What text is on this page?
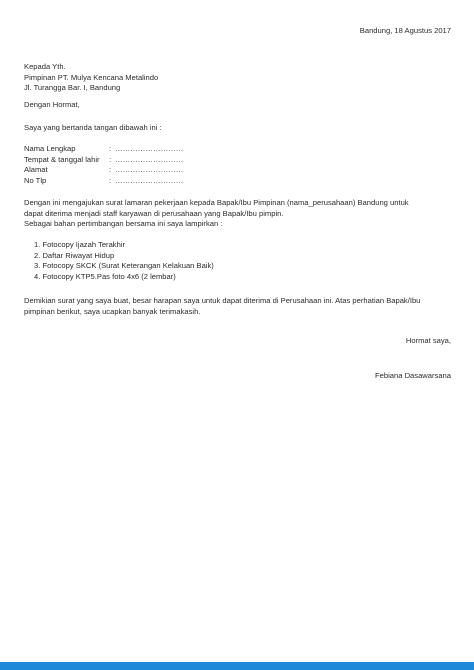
Bandung, 18 Agustus 2017
Kepada Yth.
Pimpinan PT. Mulya Kencana Metalindo
Jl. Turangga Bar. I, Bandung
Dengan Hormat,
Saya yang bertanda tangan dibawah ini :
Nama Lengkap	: ………………………
Tempat & tanggal lahir	: ………………………
Alamat	: ………………………
No Tlp	: ………………………
Dengan ini mengajukan surat lamaran pekerjaan kepada Bapak/Ibu Pimpinan (nama_perusahaan) Bandung untuk
dapat diterima menjadi staff karyawan di perusahaan yang Bapak/Ibu pimpin.
Sebagai bahan pertimbangan bersama ini saya lampirkan :
1. Fotocopy Ijazah Terakhir
2. Daftar Riwayat Hidup
3. Fotocopy SKCK (Surat Keterangan Kelakuan Baik)
4. Fotocopy KTP5.Pas foto 4x6 (2 lembar)
Demikian surat yang saya buat, besar harapan saya untuk dapat diterima di Perusahaan ini. Atas perhatian Bapak/Ibu
pimpinan berikut, saya ucapkan banyak terimakasih.
Hormat saya,
Febiana Dasawarsana
